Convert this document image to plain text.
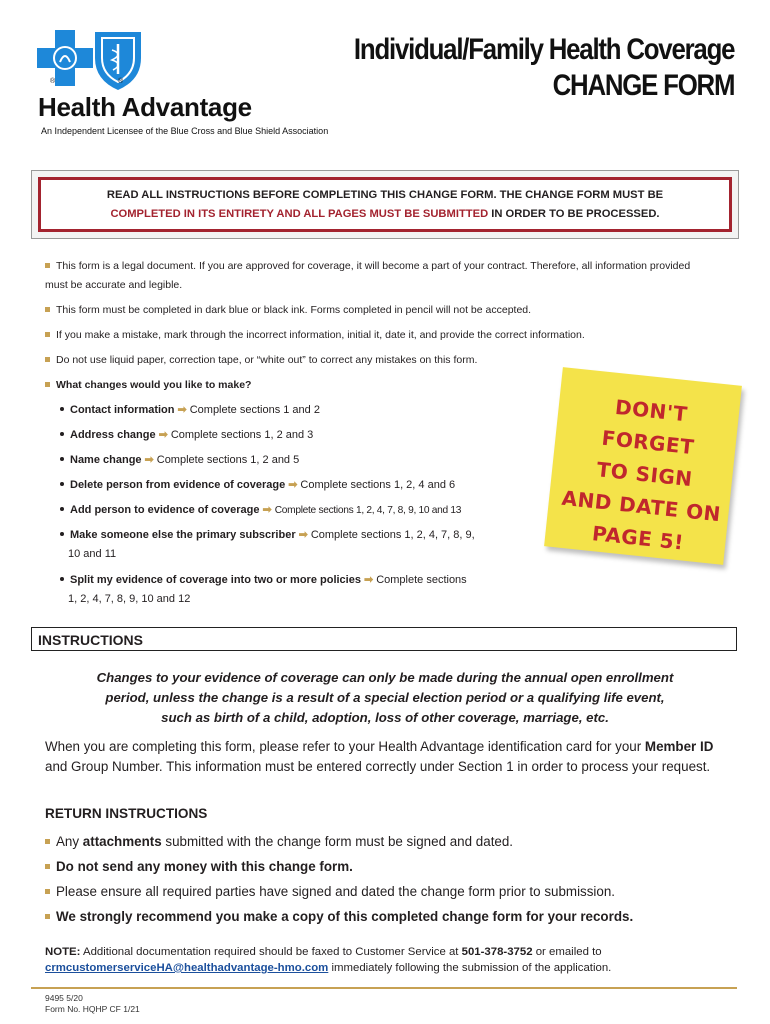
®	®
Health Advantage
An Independent Licensee of the Blue Cross and Blue Shield Association
Individual/Family Health Coverage
CHANGE FORM
READ ALL INSTRUCTIONS BEFORE COMPLETING THIS CHANGE FORM. THE CHANGE FORM MUST BE
COMPLETED IN ITS ENTIRETY AND ALL PAGES MUST BE SUBMITTED IN ORDER TO BE PROCESSED.
This form is a legal document. If you are approved for coverage, it will become a part of your contract. Therefore, all information provided must be accurate and legible.
This form must be completed in dark blue or black ink. Forms completed in pencil will not be accepted.
If you make a mistake, mark through the incorrect information, initial it, date it, and provide the correct information.
Do not use liquid paper, correction tape, or “white out” to correct any mistakes on this form.
What changes would you like to make?
Contact information ➡ Complete sections 1 and 2
Address change ➡ Complete sections 1, 2 and 3
Name change ➡ Complete sections 1, 2 and 5
Delete person from evidence of coverage ➡ Complete sections 1, 2, 4 and 6
Add person to evidence of coverage ➡ Complete sections 1, 2, 4, 7, 8, 9, 10 and 13
Make someone else the primary subscriber ➡ Complete sections 1, 2, 4, 7, 8, 9,
10 and 11
Split my evidence of coverage into two or more policies ➡ Complete sections
1, 2, 4, 7, 8, 9, 10 and 12
DON'T FORGET
TO SIGN
AND DATE ON
PAGE 5!
INSTRUCTIONS
Changes to your evidence of coverage can only be made during the annual open enrollment
period, unless the change is a result of a special election period or a qualifying life event,
such as birth of a child, adoption, loss of other coverage, marriage, etc.
When you are completing this form, please refer to your Health Advantage identification card for your Member ID and Group Number. This information must be entered correctly under Section 1 in order to process your request.
RETURN INSTRUCTIONS
Any attachments submitted with the change form must be signed and dated.
Do not send any money with this change form.
Please ensure all required parties have signed and dated the change form prior to submission.
We strongly recommend you make a copy of this completed change form for your records.
NOTE: Additional documentation required should be faxed to Customer Service at 501-378-3752 or emailed to
crmcustomerserviceHA@healthadvantage-hmo.com immediately following the submission of the application.
9495 5/20
Form No. HQHP CF 1/21
